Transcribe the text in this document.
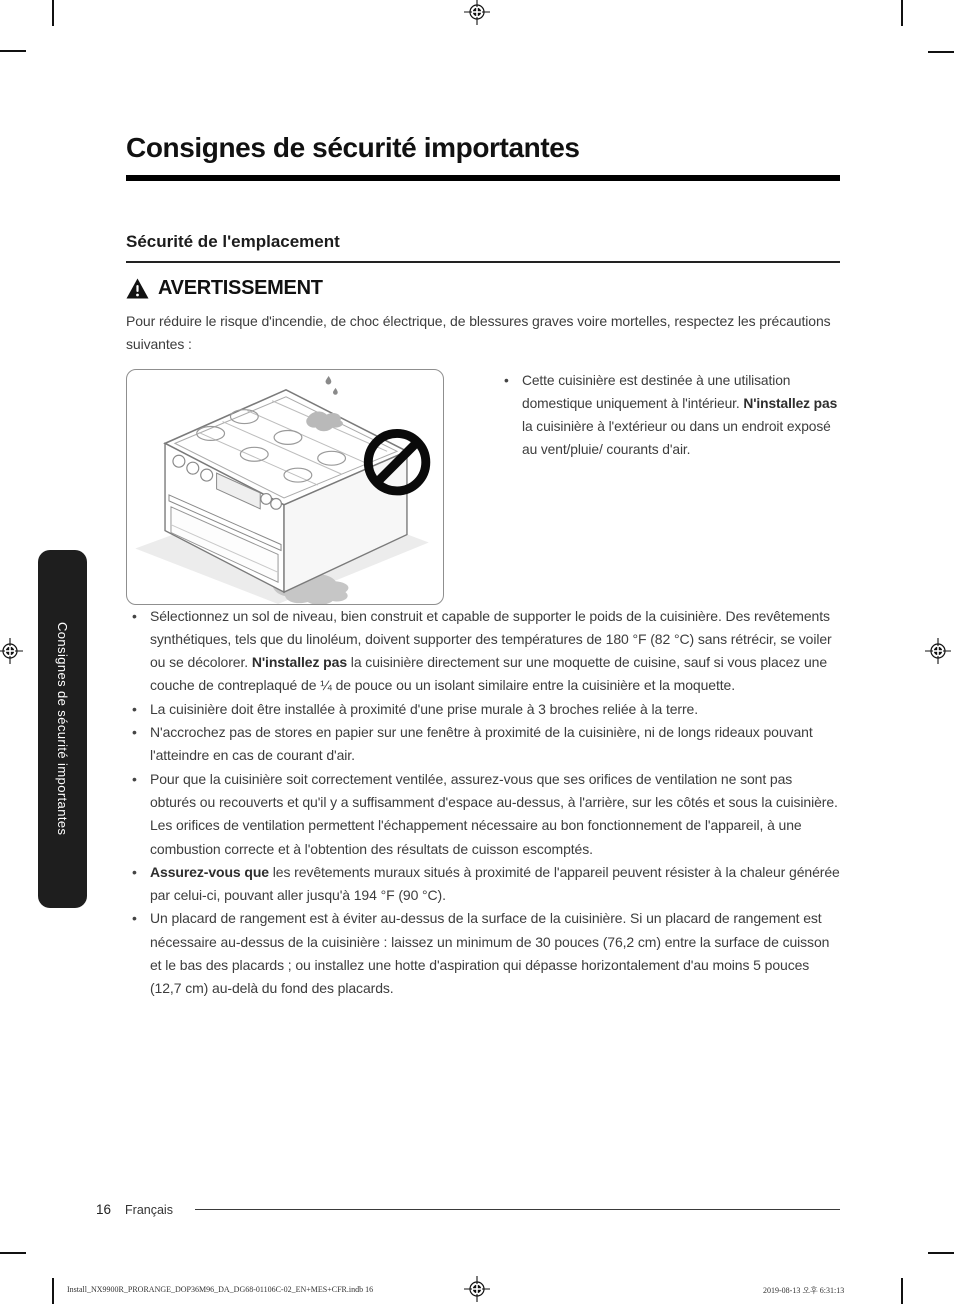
Consignes de sécurité importantes
Consignes de sécurité importantes
Sécurité de l'emplacement
AVERTISSEMENT

Pour réduire le risque d'incendie, de choc électrique, de blessures graves voire mortelles, respectez les précautions suivantes :

• Cette cuisinière est destinée à une utilisation domestique uniquement à l'intérieur. N'installez pas la cuisinière à l'extérieur ou dans un endroit exposé au vent/pluie/ courants d'air.
• Sélectionnez un sol de niveau, bien construit et capable de supporter le poids de la cuisinière. Des revêtements synthétiques, tels que du linoléum, doivent supporter des températures de 180 °F (82 °C) sans rétrécir, se voiler ou se décolorer. N'installez pas la cuisinière directement sur une moquette de cuisine, sauf si vous placez une couche de contreplaqué de ¼ de pouce ou un isolant similaire entre la cuisinière et la moquette.
• La cuisinière doit être installée à proximité d'une prise murale à 3 broches reliée à la terre.
• N'accrochez pas de stores en papier sur une fenêtre à proximité de la cuisinière, ni de longs rideaux pouvant l'atteindre en cas de courant d'air.
• Pour que la cuisinière soit correctement ventilée, assurez-vous que ses orifices de ventilation ne sont pas obturés ou recouverts et qu'il y a suffisamment d'espace au-dessus, à l'arrière, sur les côtés et sous la cuisinière. Les orifices de ventilation permettent l'échappement nécessaire au bon fonctionnement de l'appareil, à une combustion correcte et à l'obtention des résultats de cuisson escomptés.
• Assurez-vous que les revêtements muraux situés à proximité de l'appareil peuvent résister à la chaleur générée par celui-ci, pouvant aller jusqu'à 194 °F (90 °C).
• Un placard de rangement est à éviter au-dessus de la surface de la cuisinière. Si un placard de rangement est nécessaire au-dessus de la cuisinière : laissez un minimum de 30 pouces (76,2 cm) entre la surface de cuisson et le bas des placards ; ou installez une hotte d'aspiration qui dépasse horizontalement d'au moins 5 pouces (12,7 cm) au-delà du fond des placards.
16 Français
Install_NX9900R_PRORANGE_DOP36M96_DA_DG68-01106C-02_EN+MES+CFR.indb 16	2019-08-13 오후 6:31:13
